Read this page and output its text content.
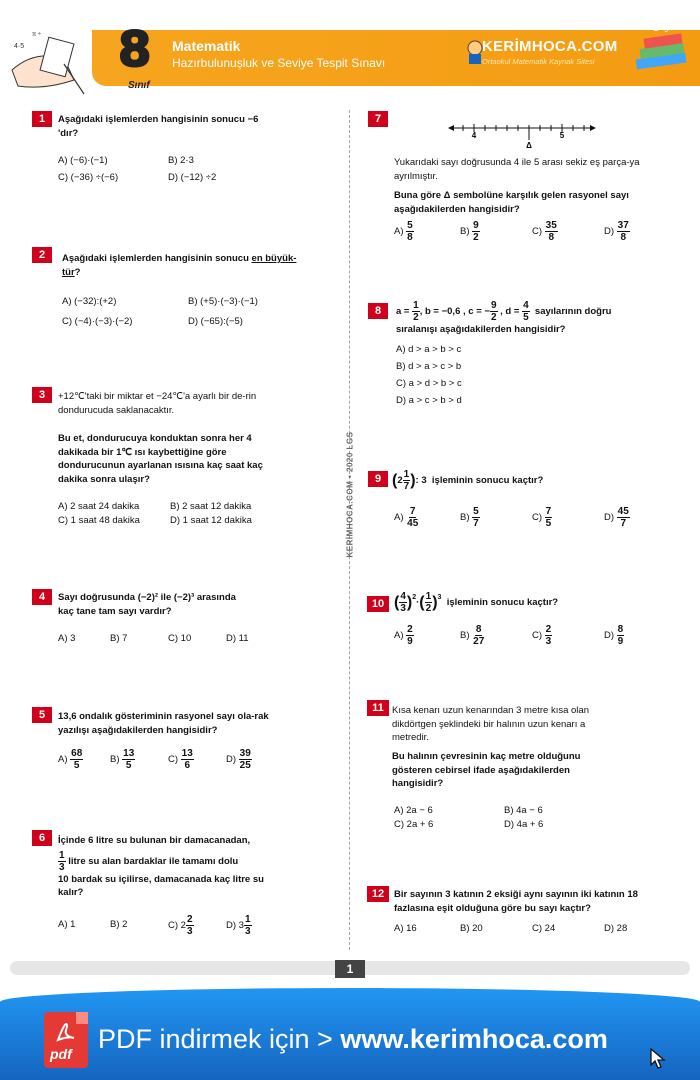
4·5
π ÷ 8
Sınıf
Matematik
Hazırbulunuşluk ve Seviye Tespit Sınavı
KERİMHOCA.COM
Ortaokul Matematik Kaynak Sitesi
9
KERİMHOCA.COM • 2020 LGS
1	Aşağıdaki işlemlerden hangisinin sonucu −6 'dır?
A) (−6)·(−1)	B) 2·3
C) (−36) ÷(−6)	D) (−12) ÷2
2	Aşağıdaki işlemlerden hangisinin sonucu en büyük-
tür?
A) (−32):(+2)	B) (+5)·(−3)·(−1)
C) (−4)·(−3)·(−2)	D) (−65):(−5)
3	+12℃'taki bir miktar et −24℃'a ayarlı bir de-rin dondurucuda saklanacaktır.
Bu et, dondurucuya konduktan sonra her 4 dakikada bir 1℃ ısı kaybettiğine göre dondurucunun ayarlanan ısısına kaç saat kaç dakika sonra ulaşır?
A) 2 saat 24 dakika	B) 2 saat 12 dakika
C) 1 saat 48 dakika	D) 1 saat 12 dakika
4	Sayı doğrusunda (−2)² ile (−2)³ arasında
kaç tane tam sayı vardır?
A) 3	B) 7	C) 10	D) 11
5	13,6 ondalık gösteriminin rasyonel sayı ola-rak yazılışı aşağıdakilerden hangisidir?
$A) \frac{68}{5}$	$B) \frac{13}{5}$	$C) \frac{13}{6}$	$D) \frac{39}{25}$
6	İçinde 6 litre su bulunan bir damacanadan,
$\frac{1}{3}$ litre su alan bardaklar ile tamamı dolu
10 bardak su içilirse, damacanada kaç litre su kalır?
A) 1	B) 2	C) $2 \frac{2}{3}$	D) $3 \frac{1}{3}$
7
4	5
Δ
Yukarıdaki sayı doğrusunda 4 ile 5 arası sekiz eş parça-ya ayrılmıştır.
Buna göre Δ sembolüne karşılık gelen rasyonel sayı aşağıdakilerden hangisidir?
$A) \frac{5}{8}$	$B) \frac{9}{2}$	$C) \frac{35}{8}$	$D) \frac{37}{8}$
8	$a = \frac{1}{2}$ , b = −0,6 , c = − $\frac{9}{2}$ , $d = \frac{4}{5}$ sayılarının doğru
sıralanışı aşağıdakilerden hangisidir?
A) d > a > b > c
B) d > a > c > b
C) a > d > b > c
D) a > c > b > d
9 ($2 \frac{1}{7}$ ): 3 işleminin sonucu kaçtır?
$A) \frac{7}{45}$	$B) \frac{5}{7}$	$C) \frac{7}{5}$	$D) \frac{45}{7}$
10 ( $\frac{4}{3} )^2\cdot( \frac{1}{2} )^3$ işleminin sonucu kaçtır?
$A) \frac{2}{9}$	$B) \frac{8}{27}$	$C) \frac{2}{3}$	$D) \frac{8}{9}$
11 Kısa kenarı uzun kenarından 3 metre kısa olan dikdörtgen şeklindeki bir halının uzun kenarı a metredir.
Bu halının çevresinin kaç metre olduğunu gösteren cebirsel ifade aşağıdakilerden hangisidir?
A) 2a − 6	B) 4a − 6
C) 2a + 6	D) 4a + 6
12	Bir sayının 3 katının 2 eksiği aynı sayının iki katının 18 fazlasına eşit olduğuna göre bu sayı kaçtır?
A) 16	B) 20	C) 24	D) 28
1
pdf PDF indirmek için > www.kerimhoca.com
